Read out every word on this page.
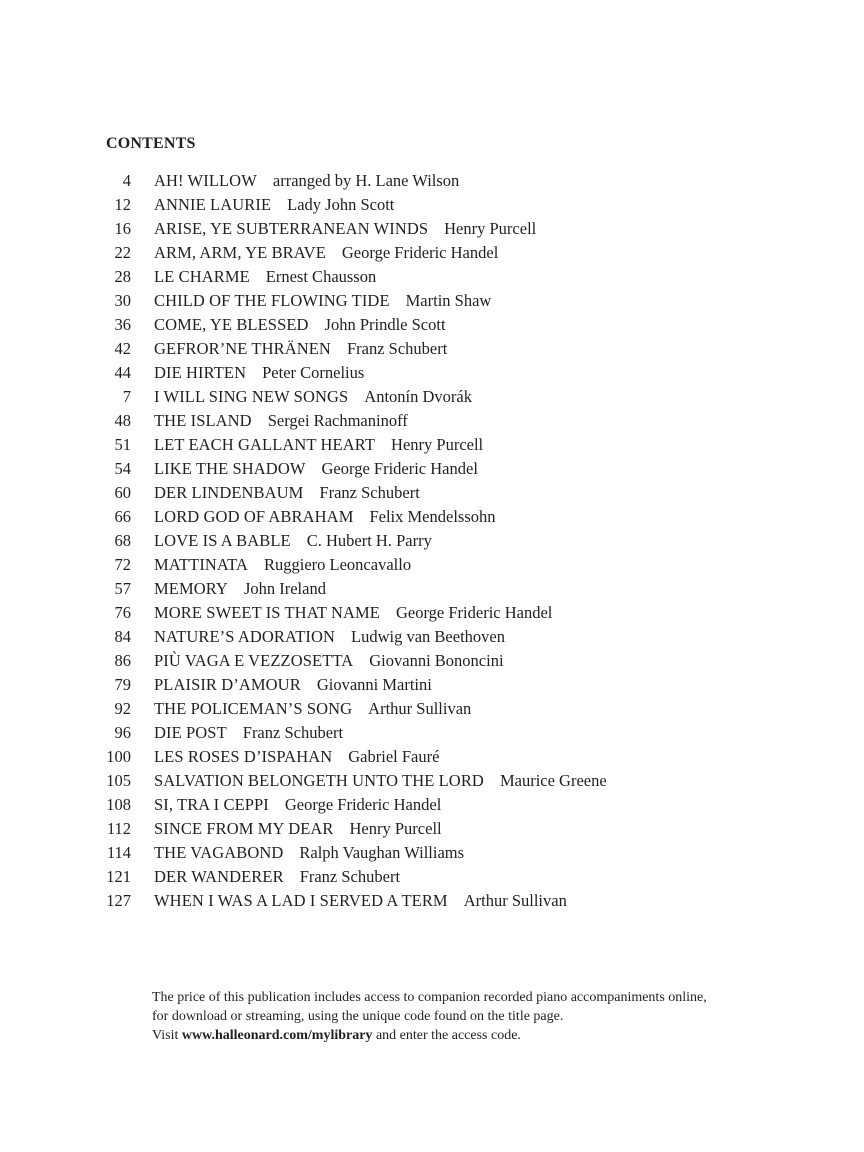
CONTENTS
4 AH! WILLOW arranged by H. Lane Wilson
12 ANNIE LAURIE Lady John Scott
16 ARISE, YE SUBTERRANEAN WINDS Henry Purcell
22 ARM, ARM, YE BRAVE George Frideric Handel
28 LE CHARME Ernest Chausson
30 CHILD OF THE FLOWING TIDE Martin Shaw
36 COME, YE BLESSED John Prindle Scott
42 GEFROR’NE THRÄNEN Franz Schubert
44 DIE HIRTEN Peter Cornelius
7 I WILL SING NEW SONGS Antonín Dvorák
48 THE ISLAND Sergei Rachmaninoff
51 LET EACH GALLANT HEART Henry Purcell
54 LIKE THE SHADOW George Frideric Handel
60 DER LINDENBAUM Franz Schubert
66 LORD GOD OF ABRAHAM Felix Mendelssohn
68 LOVE IS A BABLE C. Hubert H. Parry
72 MATTINATA Ruggiero Leoncavallo
57 MEMORY John Ireland
76 MORE SWEET IS THAT NAME George Frideric Handel
84 NATURE’S ADORATION Ludwig van Beethoven
86 PIÙ VAGA E VEZZOSETTA Giovanni Bononcini
79 PLAISIR D’AMOUR Giovanni Martini
92 THE POLICEMAN’S SONG Arthur Sullivan
96 DIE POST Franz Schubert
100 LES ROSES D’ISPAHAN Gabriel Fauré
105 SALVATION BELONGETH UNTO THE LORD Maurice Greene
108 SI, TRA I CEPPI George Frideric Handel
112 SINCE FROM MY DEAR Henry Purcell
114 THE VAGABOND Ralph Vaughan Williams
121 DER WANDERER Franz Schubert
127 WHEN I WAS A LAD I SERVED A TERM Arthur Sullivan

The price of this publication includes access to companion recorded piano accompaniments online,

for download or streaming, using the unique code found on the title page.

Visit www.halleonard.com/mylibrary and enter the access code.
